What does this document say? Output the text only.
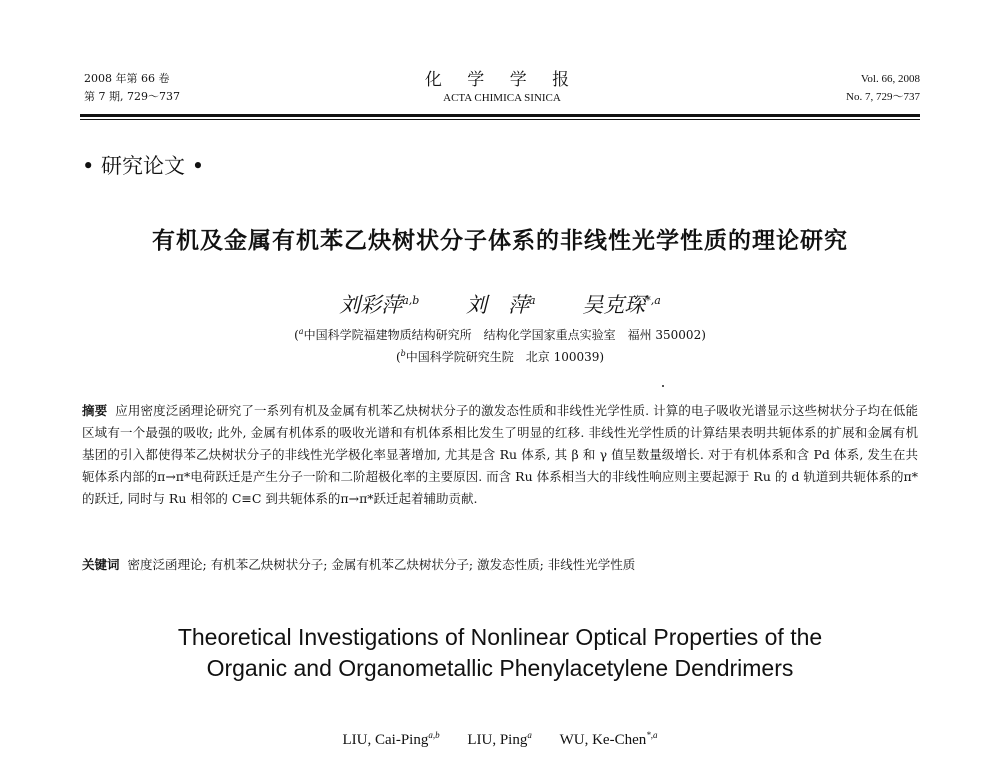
2008 年第 66 卷
第 7 期, 729～737
化 学 学 报
ACTA CHIMICA SINICA
Vol. 66, 2008
No. 7, 729～737
• 研究论文 •
有机及金属有机苯乙炔树状分子体系的非线性光学性质的理论研究
刘彩萍$^{a,b}$ 刘　萍$^a$ 吴克琛$^{*,a}$
($^a$中国科学院福建物质结构研究所　结构化学国家重点实验室　福州 350002)
($^b$中国科学院研究生院　北京 100039)
摘要 应用密度泛函理论研究了一系列有机及金属有机苯乙炔树状分子的激发态性质和非线性光学性质. 计算的电子吸收光谱显示这些树状分子均在低能区域有一个最强的吸收; 此外, 金属有机体系的吸收光谱和有机体系相比发生了明显的红移. 非线性光学性质的计算结果表明共轭体系的扩展和金属有机基团的引入都使得苯乙炔树状分子的非线性光学极化率显著增加, 尤其是含 Ru 体系, 其 β 和 γ 值呈数量级增长. 对于有机体系和含 Pd 体系, 发生在共轭体系内部的π→π*电荷跃迁是产生分子一阶和二阶超极化率的主要原因. 而含 Ru 体系相当大的非线性响应则主要起源于 Ru 的 d 轨道到共轭体系的π*的跃迁, 同时与 Ru 相邻的 C≡C 到共轭体系的π→π*跃迁起着辅助贡献.
关键词 密度泛函理论; 有机苯乙炔树状分子; 金属有机苯乙炔树状分子; 激发态性质; 非线性光学性质
Theoretical Investigations of Nonlinear Optical Properties of the
Organic and Organometallic Phenylacetylene Dendrimers
LIU, Cai-Ping$^{a,b}$ LIU, Ping$^a$ WU, Ke-Chen$^{*,a}$
